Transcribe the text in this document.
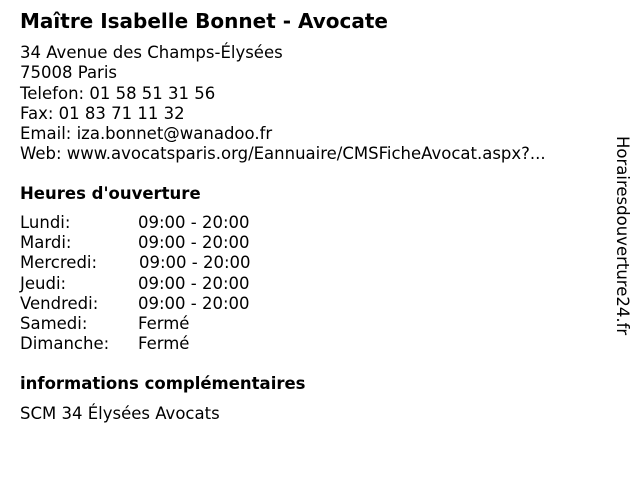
Maître Isabelle Bonnet - Avocate
34 Avenue des Champs-Élysées
75008 Paris
Telefon: 01 58 51 31 56
Fax: 01 83 71 11 32
Email: iza.bonnet@wanadoo.fr
Web: www.avocatsparis.org/Eannuaire/CMSFicheAvocat.aspx?...
Heures d'ouverture
Lundi:	09:00 - 20:00
Mardi:	09:00 - 20:00
Mercredi:	09:00 - 20:00
Jeudi:	09:00 - 20:00
Vendredi: 09:00 - 20:00
Samedi:	Fermé
Dimanche: Fermé
informations complémentaires
SCM 34 Élysées Avocats
Horairesdouverture24.fr
